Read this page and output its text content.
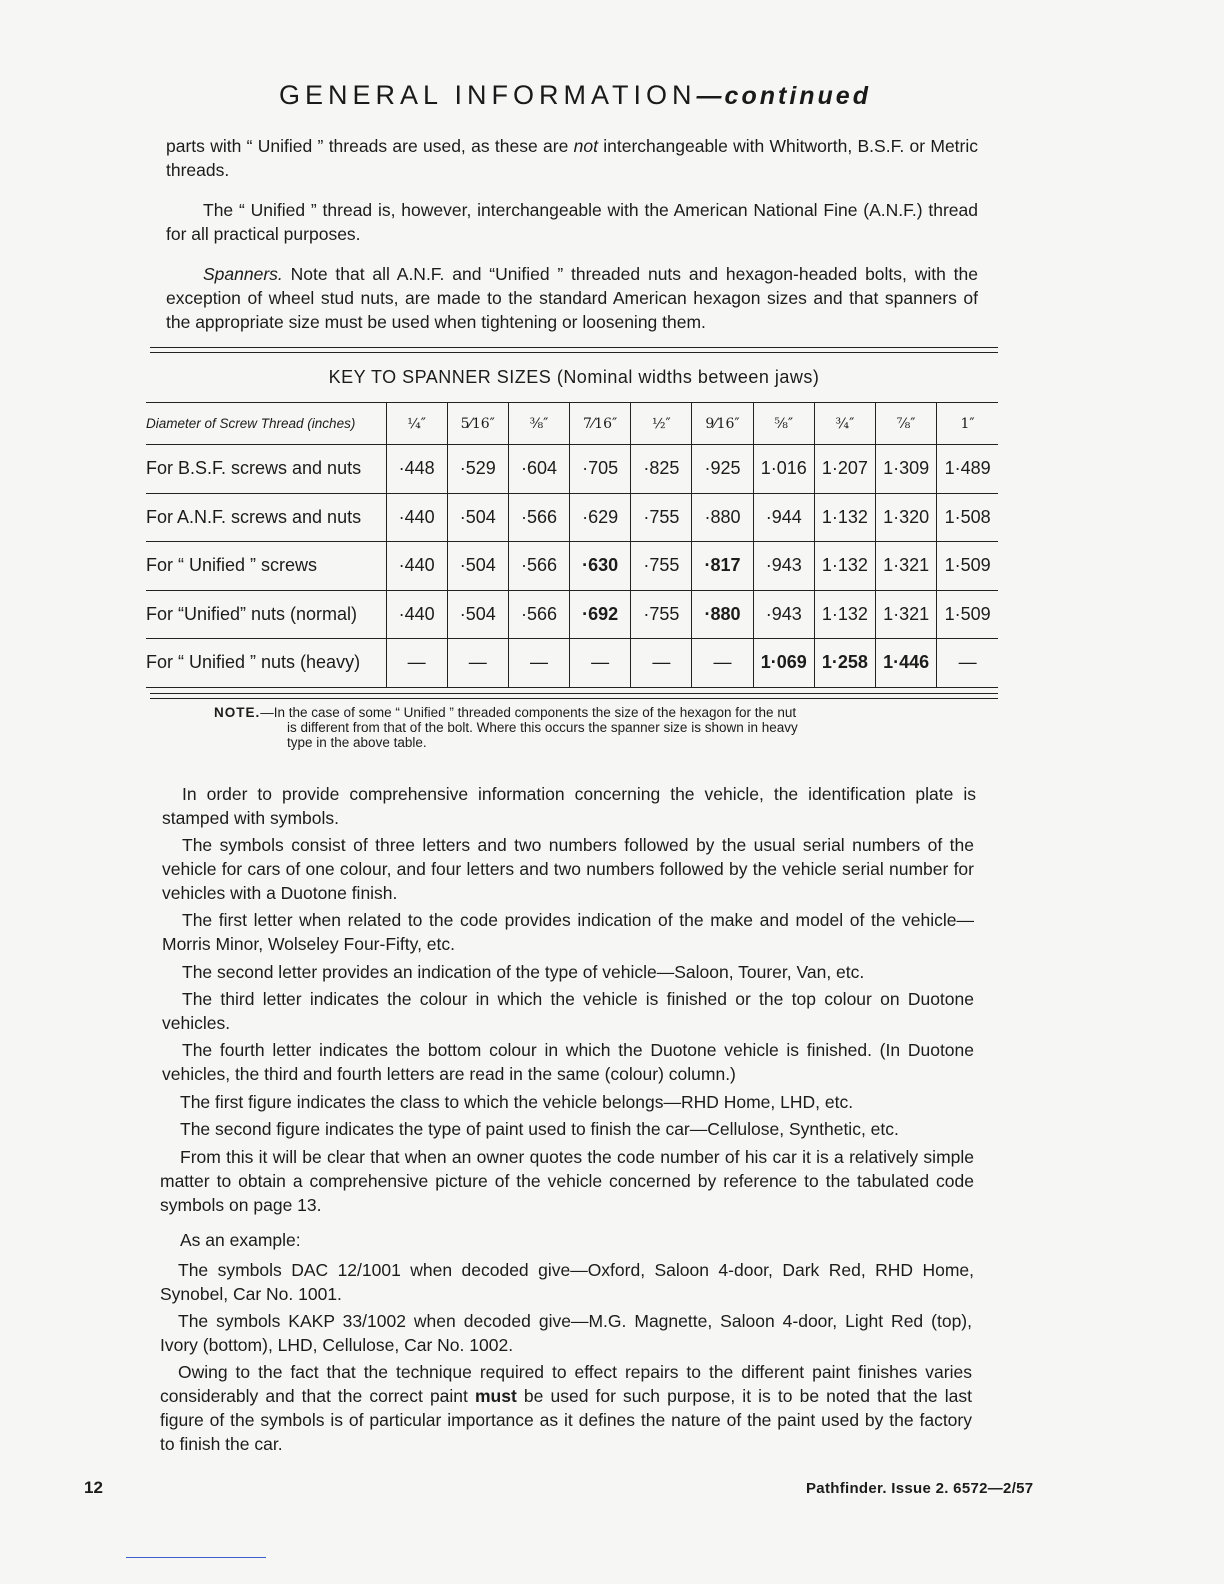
GENERAL INFORMATION—continued

parts with “ Unified ” threads are used, as these are not interchangeable with Whitworth, B.S.F. or Metric threads.

The “ Unified ” thread is, however, interchangeable with the American National Fine (A.N.F.) thread for all practical purposes.

Spanners. Note that all A.N.F. and “Unified ” threaded nuts and hexagon-headed bolts, with the exception of wheel stud nuts, are made to the standard American hexagon sizes and that spanners of the appropriate size must be used when tightening or loosening them.

KEY TO SPANNER SIZES (Nominal widths between jaws)
Diameter of Screw Thread (inches)	¼″	5⁄16″	⅜″	7⁄16″	½″	9⁄16″	⅝″	¾″	⅞″	1″
For B.S.F. screws and nuts	·448	·529	·604	·705	·825	·925	1·016	1·207	1·309	1·489
For A.N.F. screws and nuts	·440	·504	·566	·629	·755	·880	·944	1·132	1·320	1·508
For “ Unified ” screws	·440	·504	·566	·630	·755	·817	·943	1·132	1·321	1·509
For “Unified” nuts (normal)	·440	·504	·566	·692	·755	·880	·943	1·132	1·321	1·509
For “ Unified ” nuts (heavy)	—	—	—	—	—	—	1·069	1·258	1·446	—
NOTE.—In the case of some “ Unified ” threaded components the size of the hexagon for the nut
is different from that of the bolt. Where this occurs the spanner size is shown in heavy
type in the above table.

In order to provide comprehensive information concerning the vehicle, the identification plate is stamped with symbols.

The symbols consist of three letters and two numbers followed by the usual serial numbers of the vehicle for cars of one colour, and four letters and two numbers followed by the vehicle serial number for vehicles with a Duotone finish.

The first letter when related to the code provides indication of the make and model of the vehicle—Morris Minor, Wolseley Four-Fifty, etc.

The second letter provides an indication of the type of vehicle—Saloon, Tourer, Van, etc.

The third letter indicates the colour in which the vehicle is finished or the top colour on Duotone vehicles.

The fourth letter indicates the bottom colour in which the Duotone vehicle is finished. (In Duotone vehicles, the third and fourth letters are read in the same (colour) column.)

The first figure indicates the class to which the vehicle belongs—RHD Home, LHD, etc.

The second figure indicates the type of paint used to finish the car—Cellulose, Synthetic, etc.

From this it will be clear that when an owner quotes the code number of his car it is a relatively simple matter to obtain a comprehensive picture of the vehicle concerned by reference to the tabulated code symbols on page 13.

As an example:

The symbols DAC 12/1001 when decoded give—Oxford, Saloon 4-door, Dark Red, RHD Home, Synobel, Car No. 1001.

The symbols KAKP 33/1002 when decoded give—M.G. Magnette, Saloon 4-door, Light Red (top), Ivory (bottom), LHD, Cellulose, Car No. 1002.

Owing to the fact that the technique required to effect repairs to the different paint finishes varies considerably and that the correct paint must be used for such purpose, it is to be noted that the last figure of the symbols is of particular importance as it defines the nature of the paint used by the factory to finish the car.

12	Pathfinder. Issue 2. 6572—2/57
